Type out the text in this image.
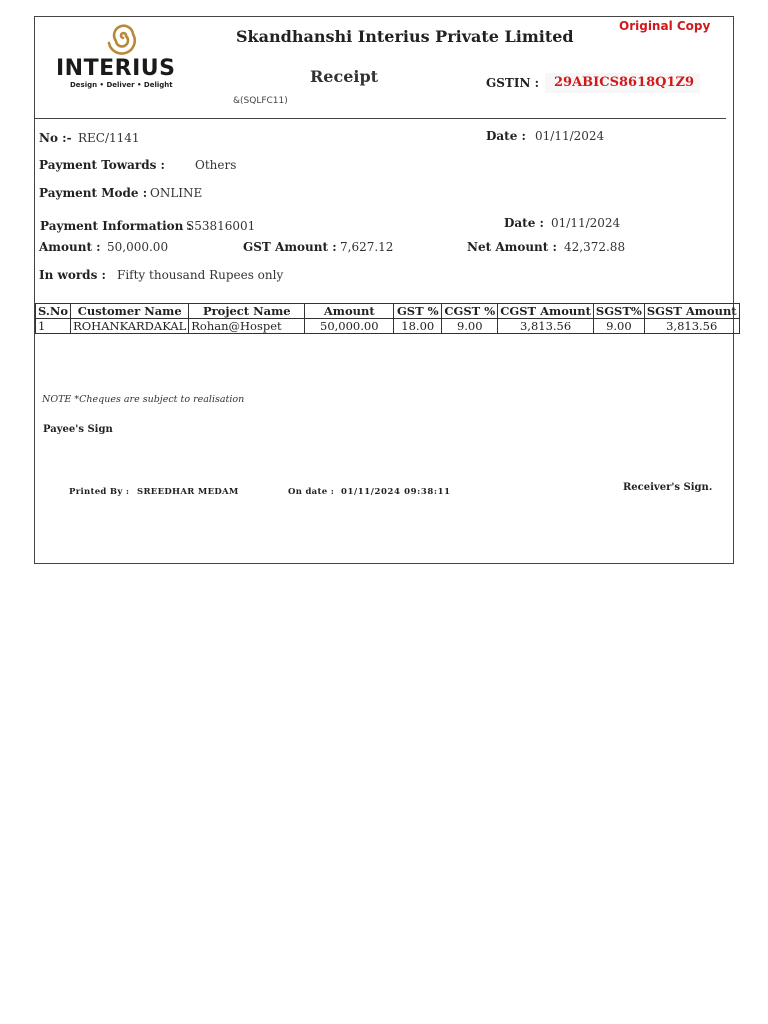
INTERIUS
Design • Deliver • Delight
Skandhanshi Interius Private Limited
Original Copy
Receipt
&(SQLFC11)
GSTIN : 29ABICS8618Q1Z9
No :- REC/1141	Date : 01/11/2024
Payment Towards :	Others
Payment Mode : ONLINE
Payment Information :
S53816001	Date : 01/11/2024
Amount : 50,000.00	GST Amount : 7,627.12	Net Amount : 42,372.88
In words : Fifty thousand Rupees only
S.No	Customer Name	Project Name	Amount	GST %	CGST %	CGST Amount	SGST%	SGST Amount
1	ROHANKARDAKAL	Rohan@Hospet	50,000.00	18.00	9.00	3,813.56	9.00	3,813.56
NOTE *Cheques are subject to realisation
Payee's Sign
Printed By : SREEDHAR MEDAM	On date : 01/11/2024 09:38:11	Receiver's Sign.
